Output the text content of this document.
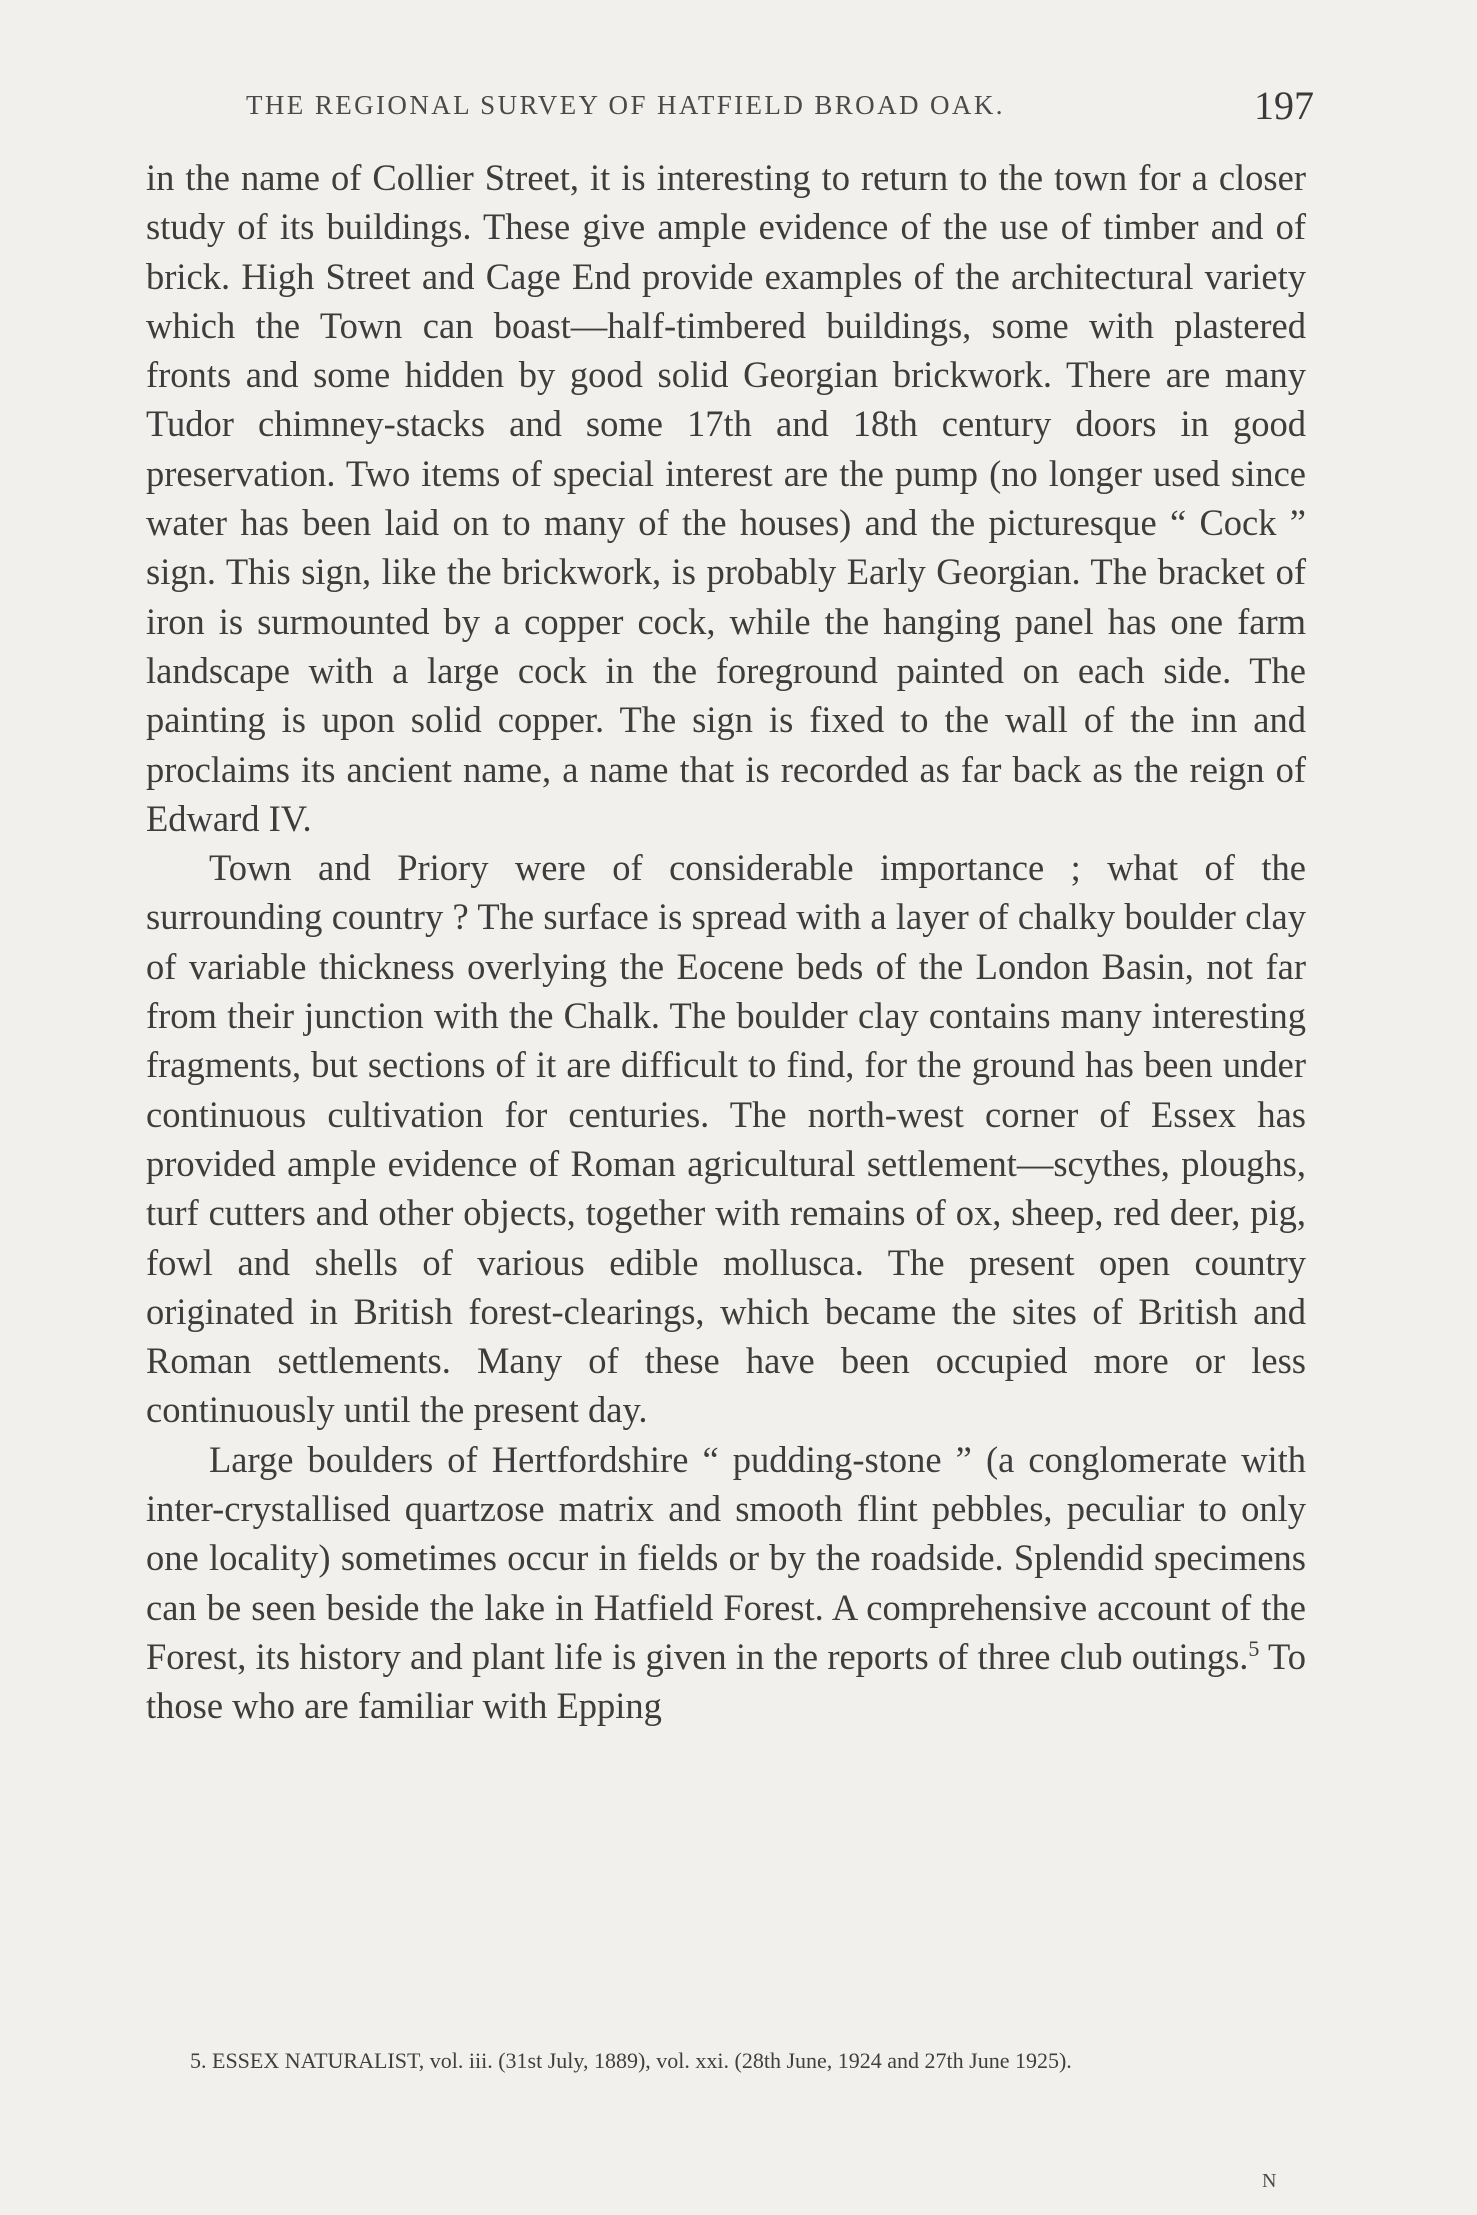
THE REGIONAL SURVEY OF HATFIELD BROAD OAK.	197

in the name of Collier Street, it is interesting to return to the town for a closer study of its buildings. These give ample evidence of the use of timber and of brick. High Street and Cage End provide examples of the architectural variety which the Town can boast—half-timbered buildings, some with plastered fronts and some hidden by good solid Georgian brickwork. There are many Tudor chimney-stacks and some 17th and 18th century doors in good preservation. Two items of special interest are the pump (no longer used since water has been laid on to many of the houses) and the picturesque “ Cock ” sign. This sign, like the brickwork, is probably Early Georgian. The bracket of iron is surmounted by a copper cock, while the hanging panel has one farm landscape with a large cock in the foreground painted on each side. The painting is upon solid copper. The sign is fixed to the wall of the inn and proclaims its ancient name, a name that is recorded as far back as the reign of Edward IV.

Town and Priory were of considerable importance ; what of the surrounding country ? The surface is spread with a layer of chalky boulder clay of variable thickness overlying the Eocene beds of the London Basin, not far from their junction with the Chalk. The boulder clay contains many interesting fragments, but sections of it are difficult to find, for the ground has been under continuous cultivation for centuries. The north-west corner of Essex has provided ample evidence of Roman agricultural settlement—scythes, ploughs, turf cutters and other objects, together with remains of ox, sheep, red deer, pig, fowl and shells of various edible mollusca. The present open country originated in British forest-clearings, which became the sites of British and Roman settlements. Many of these have been occupied more or less continuously until the present day.

Large boulders of Hertfordshire “ pudding-stone ” (a conglomerate with inter-crystallised quartzose matrix and smooth flint pebbles, peculiar to only one locality) sometimes occur in fields or by the roadside. Splendid specimens can be seen beside the lake in Hatfield Forest. A comprehensive account of the Forest, its history and plant life is given in the reports of three club outings.$^5$ To those who are familiar with Epping

5. ESSEX NATURALIST, vol. iii. (31st July, 1889), vol. xxi. (28th June, 1924 and 27th June 1925).
N
